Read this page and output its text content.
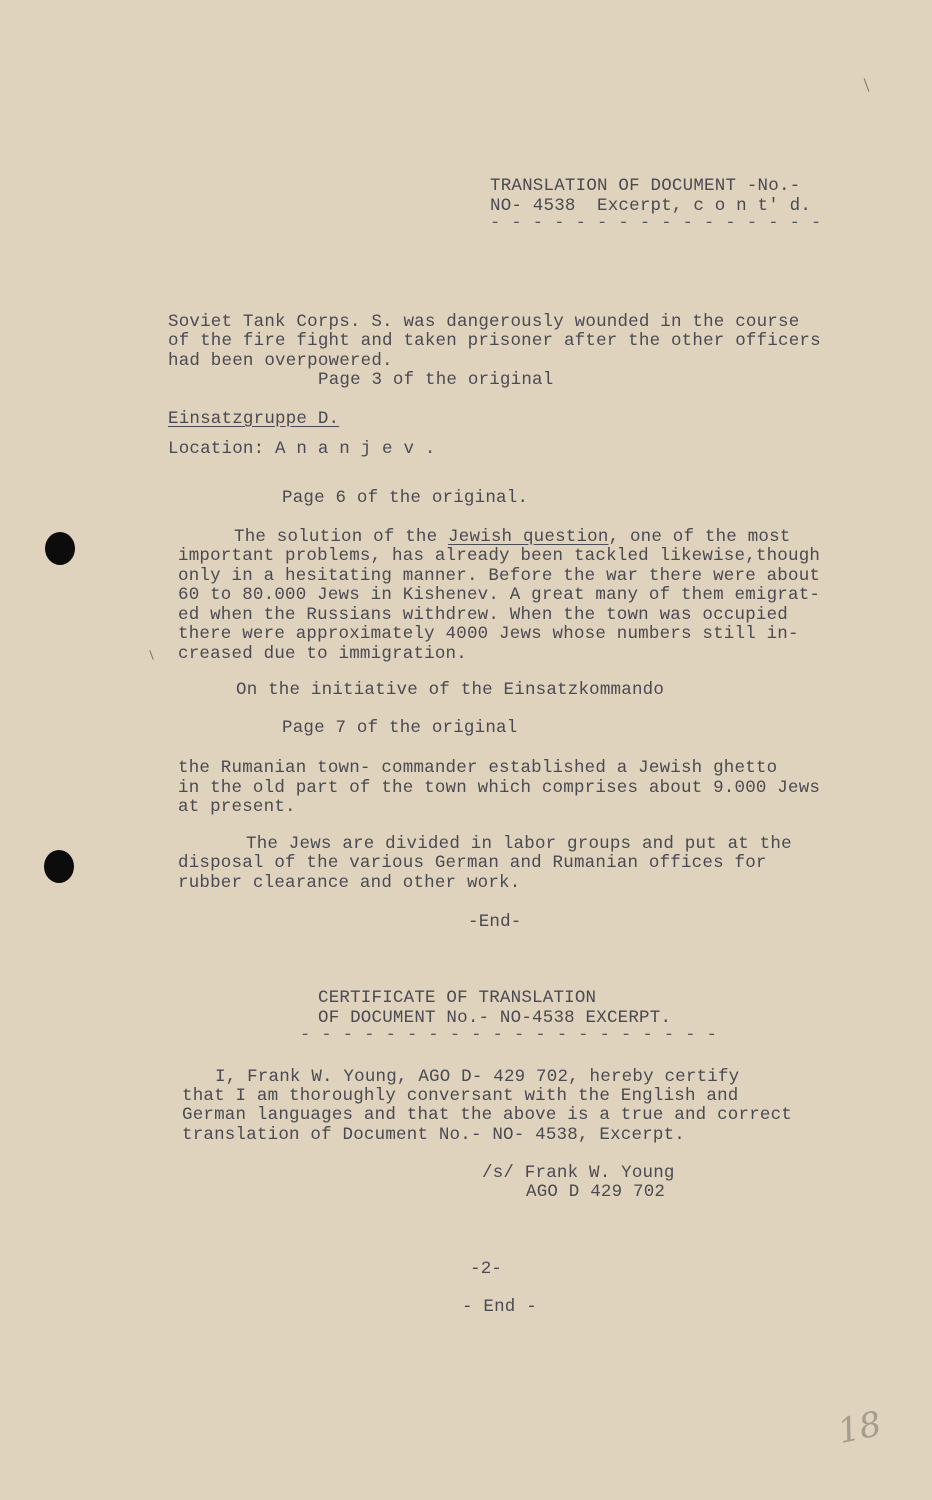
TRANSLATION OF DOCUMENT -No.-
NO- 4538  Excerpt, c o n t' d.
- - - - - - - - - - - - - - - -
Soviet Tank Corps. S. was dangerously wounded in the course
of the fire fight and taken prisoner after the other officers
had been overpowered.
Page 3 of the original
Einsatzgruppe D.
Location: A n a n j e v .
Page 6 of the original.
The solution of the Jewish question, one of the most
important problems, has already been tackled likewise,though
only in a hesitating manner. Before the war there were about
60 to 80.000 Jews in Kishenev. A great many of them emigrat-
ed when the Russians withdrew. When the town was occupied
there were approximately 4000 Jews whose numbers still in-
creased due to immigration.
On the initiative of the Einsatzkommando
Page 7 of the original
the Rumanian town- commander established a Jewish ghetto
in the old part of the town which comprises about 9.000 Jews
at present.
The Jews are divided in labor groups and put at the
disposal of the various German and Rumanian offices for
rubber clearance and other work.
-End-
CERTIFICATE OF TRANSLATION
OF DOCUMENT No.- NO-4538 EXCERPT.
- - - - - - - - - - - - - - - - - - - -
I, Frank W. Young, AGO D- 429 702, hereby certify
that I am thoroughly conversant with the English and
German languages and that the above is a true and correct
translation of Document No.- NO- 4538, Excerpt.
/s/ Frank W. Young
AGO D 429 702
-2-
- End -
18
